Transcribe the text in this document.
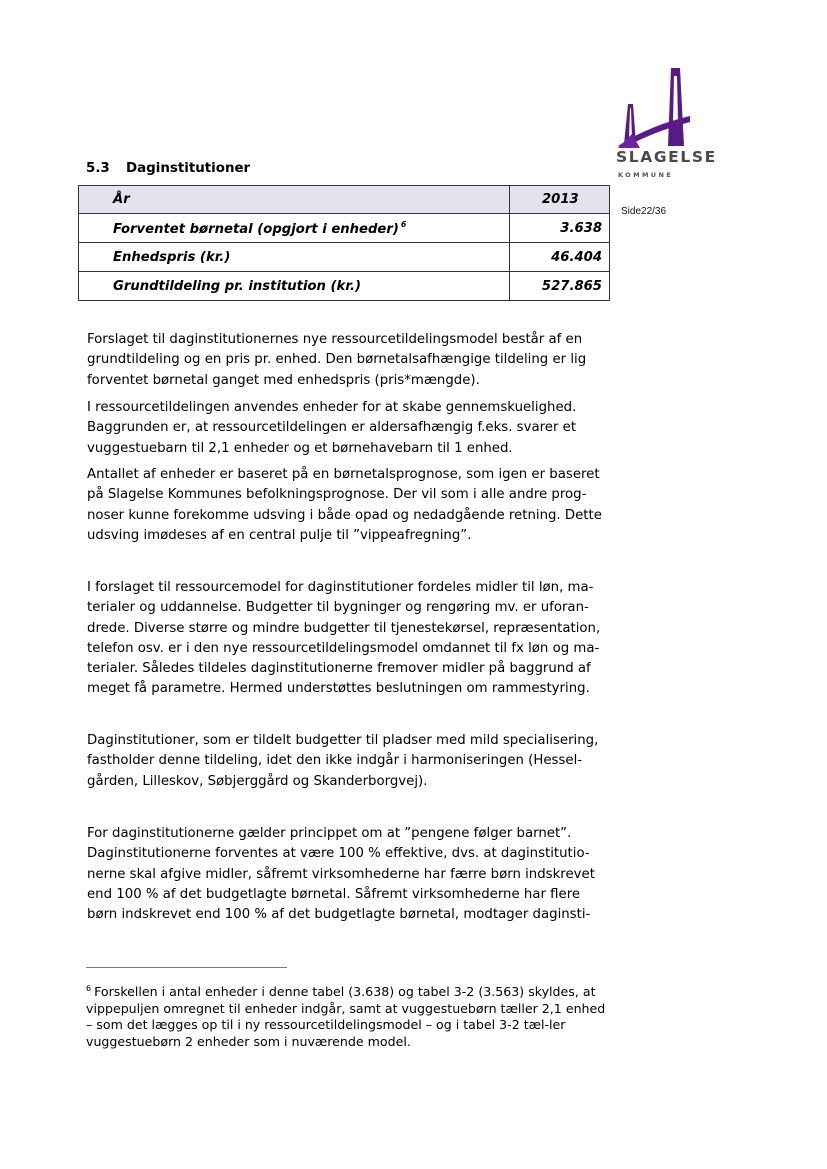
SLAGELSE
KOMMUNE
Side22/36
5.3 Daginstitutioner
År	2013
Forventet børnetal (opgjort i enheder) $^6$	3.638
Enhedspris (kr.)	46.404
Grundtildeling pr. institution (kr.)	527.865

Forslaget til daginstitutionernes nye ressourcetildelingsmodel består af en grundtildeling og en pris pr. enhed. Den børnetalsafhængige tildeling er lig forventet børnetal ganget med enhedspris (pris*mængde).

I ressourcetildelingen anvendes enheder for at skabe gennemskuelighed. Baggrunden er, at ressourcetildelingen er aldersafhængig f.eks. svarer et vuggestuebarn til 2,1 enheder og et børnehavebarn til 1 enhed.

Antallet af enheder er baseret på en børnetalsprognose, som igen er baseret på Slagelse Kommunes befolkningsprognose. Der vil som i alle andre prog-noser kunne forekomme udsving i både opad og nedadgående retning. Dette udsving imødeses af en central pulje til ”vippeafregning”.

I forslaget til ressourcemodel for daginstitutioner fordeles midler til løn, ma-terialer og uddannelse. Budgetter til bygninger og rengøring mv. er uforan-drede. Diverse større og mindre budgetter til tjenestekørsel, repræsentation, telefon osv. er i den nye ressourcetildelingsmodel omdannet til fx løn og ma-terialer. Således tildeles daginstitutionerne fremover midler på baggrund af meget få parametre. Hermed understøttes beslutningen om rammestyring.

Daginstitutioner, som er tildelt budgetter til pladser med mild specialisering, fastholder denne tildeling, idet den ikke indgår i harmoniseringen (Hessel-gården, Lilleskov, Søbjerggård og Skanderborgvej).

For daginstitutionerne gælder princippet om at ”pengene følger barnet”. Daginstitutionerne forventes at være 100 % effektive, dvs. at daginstitutio-nerne skal afgive midler, såfremt virksomhederne har færre børn indskrevet end 100 % af det budgetlagte børnetal. Såfremt virksomhederne har flere børn indskrevet end 100 % af det budgetlagte børnetal, modtager daginsti-

$^6$ Forskellen i antal enheder i denne tabel (3.638) og tabel 3-2 (3.563) skyldes, at vippepuljen omregnet til enheder indgår, samt at vuggestuebørn tæller 2,1 enhed – som det lægges op til i ny ressourcetildelingsmodel – og i tabel 3-2 tæl-ler vuggestuebørn 2 enheder som i nuværende model.
